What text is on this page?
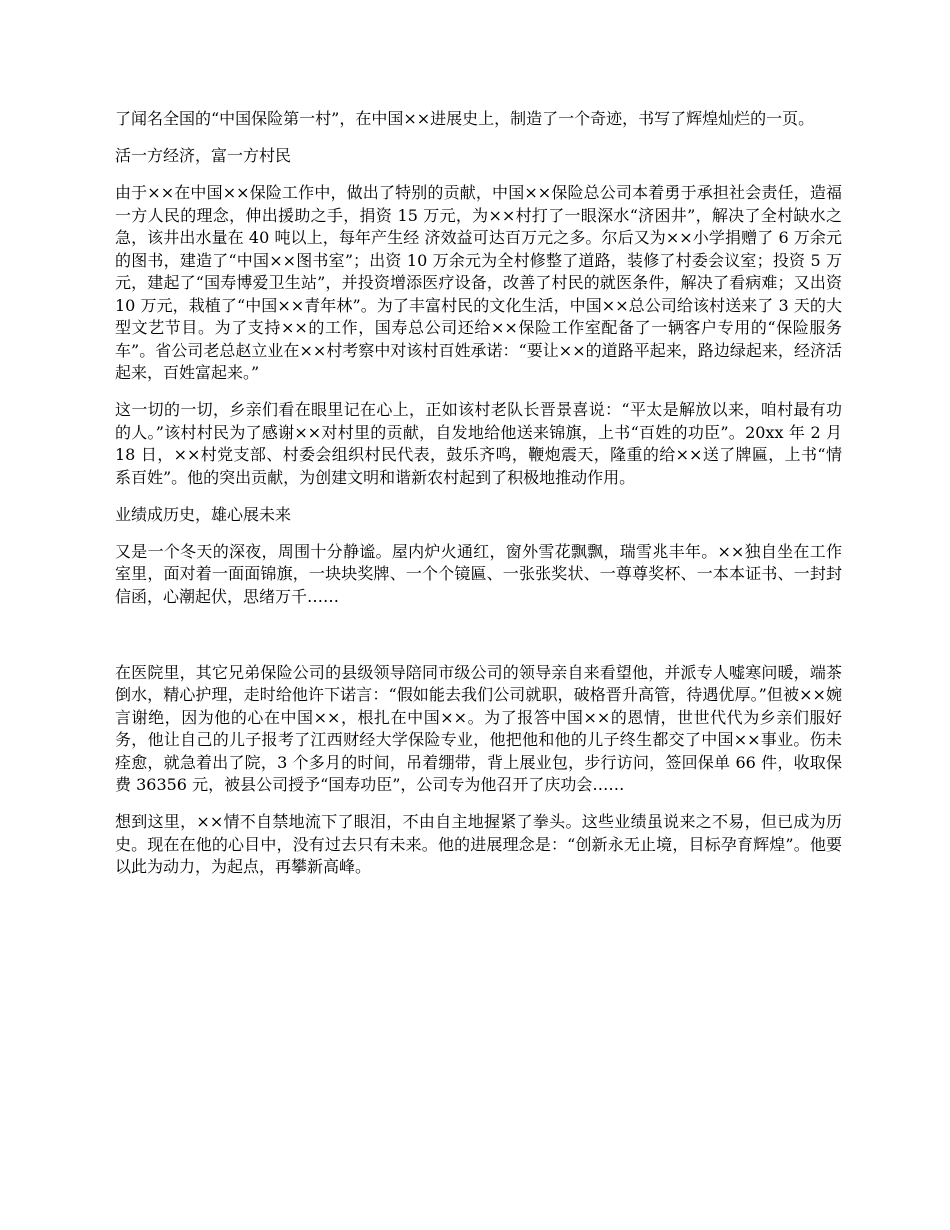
了闻名全国的“中国保险第一村”，在中国××进展史上，制造了一个奇迹，书写了辉煌灿烂的一页。

活一方经济，富一方村民

由于××在中国××保险工作中，做出了特别的贡献，中国××保险总公司本着勇于承担社会责任，造福一方人民的理念，伸出援助之手，捐资 15 万元，为××村打了一眼深水“济困井”，解决了全村缺水之急，该井出水量在 40 吨以上，每年产生经 济效益可达百万元之多。尔后又为××小学捐赠了 6 万余元的图书，建造了“中国××图书室”；出资 10 万余元为全村修整了道路，装修了村委会议室；投资 5 万元，建起了“国寿博爱卫生站”，并投资增添医疗设备，改善了村民的就医条件，解决了看病难；又出资 10 万元，栽植了“中国××青年林”。为了丰富村民的文化生活，中国××总公司给该村送来了 3 天的大型文艺节目。为了支持××的工作，国寿总公司还给××保险工作室配备了一辆客户专用的“保险服务车”。省公司老总赵立业在××村考察中对该村百姓承诺：“要让××的道路平起来，路边绿起来，经济活起来，百姓富起来。”

这一切的一切，乡亲们看在眼里记在心上，正如该村老队长晋景喜说：“平太是解放以来，咱村最有功的人。”该村村民为了感谢××对村里的贡献，自发地给他送来锦旗，上书“百姓的功臣”。20xx 年 2 月 18 日，××村党支部、村委会组织村民代表，鼓乐齐鸣，鞭炮震天，隆重的给××送了牌匾，上书“情系百姓”。他的突出贡献，为创建文明和谐新农村起到了积极地推动作用。

业绩成历史，雄心展未来

又是一个冬天的深夜，周围十分静谧。屋内炉火通红，窗外雪花飘飘，瑞雪兆丰年。××独自坐在工作室里，面对着一面面锦旗，一块块奖牌、一个个镜匾、一张张奖状、一尊尊奖杯、一本本证书、一封封信函，心潮起伏，思绪万千……

在医院里，其它兄弟保险公司的县级领导陪同市级公司的领导亲自来看望他，并派专人嘘寒问暖，端茶倒水，精心护理，走时给他许下诺言：“假如能去我们公司就职，破格晋升高管，待遇优厚。”但被××婉言谢绝，因为他的心在中国××，根扎在中国××。为了报答中国××的恩情，世世代代为乡亲们服好务，他让自己的儿子报考了江西财经大学保险专业，他把他和他的儿子终生都交了中国××事业。伤未痊愈，就急着出了院，3 个多月的时间，吊着绷带，背上展业包，步行访问，签回保单 66 件，收取保费 36356 元，被县公司授予“国寿功臣”，公司专为他召开了庆功会……

想到这里，××情不自禁地流下了眼泪，不由自主地握紧了拳头。这些业绩虽说来之不易，但已成为历史。现在在他的心目中，没有过去只有未来。他的进展理念是：“创新永无止境，目标孕育辉煌”。他要以此为动力，为起点，再攀新高峰。
